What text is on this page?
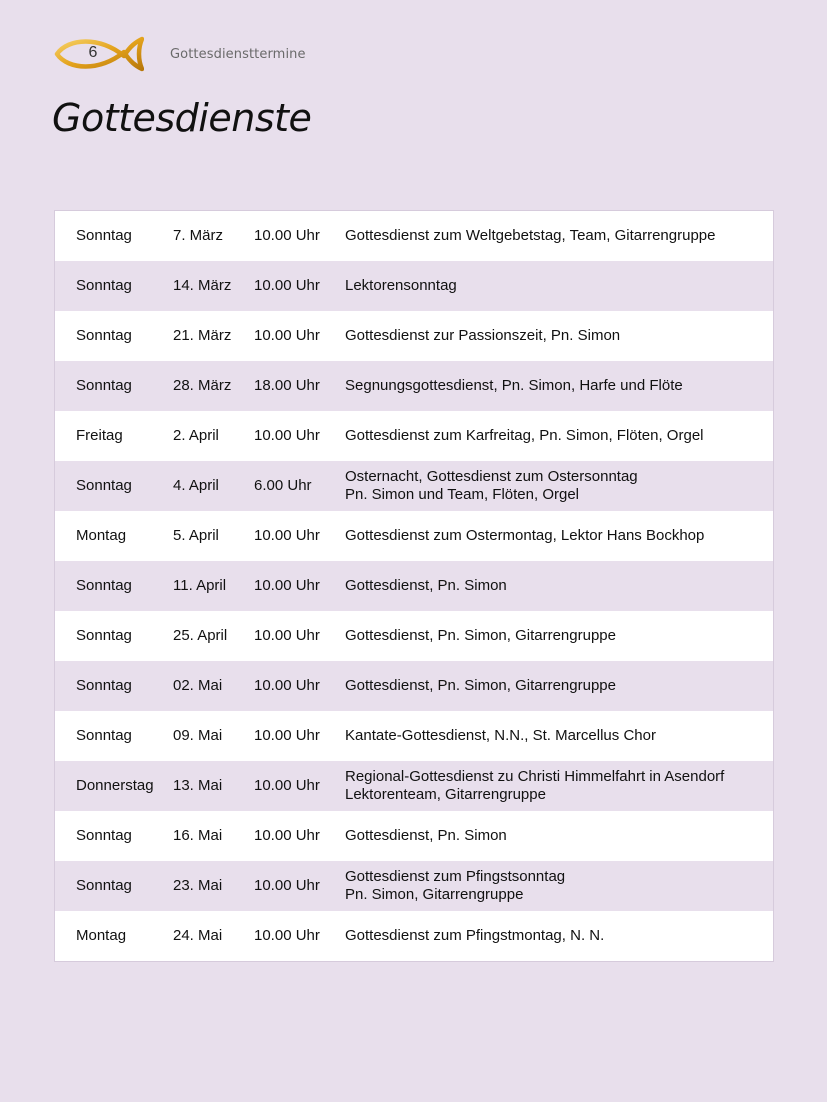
6	Gottesdiensttermine
Gottesdienste
Sonntag	7. März 10.00 Uhr Gottesdienst zum Weltgebetstag, Team, Gitarrengruppe
Sonntag	14. März 10.00 Uhr Lektorensonntag
Sonntag	21. März 10.00 Uhr Gottesdienst zur Passionszeit, Pn. Simon
Sonntag	28. März 18.00 Uhr Segnungsgottesdienst, Pn. Simon, Harfe und Flöte
Freitag	2. April 10.00 Uhr Gottesdienst zum Karfreitag, Pn. Simon, Flöten, Orgel
Sonntag	4. April 6.00 Uhr
Osternacht, Gottesdienst zum Ostersonntag
Pn. Simon und Team, Flöten, Orgel
Montag	5. April 10.00 Uhr Gottesdienst zum Ostermontag, Lektor Hans Bockhop
Sonntag	11. April 10.00 Uhr Gottesdienst, Pn. Simon
Sonntag	25. April 10.00 Uhr Gottesdienst, Pn. Simon, Gitarrengruppe
Sonntag	02. Mai 10.00 Uhr Gottesdienst, Pn. Simon, Gitarrengruppe
Sonntag	09. Mai 10.00 Uhr Kantate-Gottesdienst, N.N., St. Marcellus Chor
Donnerstag 13. Mai 10.00 Uhr
Regional-Gottesdienst zu Christi Himmelfahrt in Asendorf
Lektorenteam, Gitarrengruppe
Sonntag	16. Mai 10.00 Uhr Gottesdienst, Pn. Simon
Sonntag	23. Mai 10.00 Uhr
Gottesdienst zum Pfingstsonntag
Pn. Simon, Gitarrengruppe
Montag	24. Mai 10.00 Uhr Gottesdienst zum Pfingstmontag, N. N.
